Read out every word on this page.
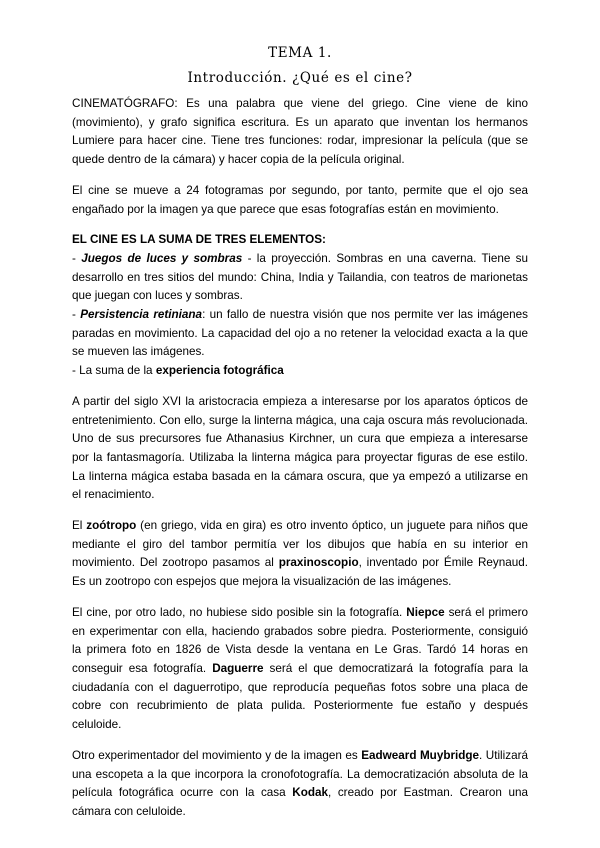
TEMA 1.
Introducción. ¿Qué es el cine?

CINEMATÓGRAFO: Es una palabra que viene del griego. Cine viene de kino (movimiento), y grafo significa escritura. Es un aparato que inventan los hermanos Lumiere para hacer cine. Tiene tres funciones: rodar, impresionar la película (que se quede dentro de la cámara) y hacer copia de la película original.

El cine se mueve a 24 fotogramas por segundo, por tanto, permite que el ojo sea engañado por la imagen ya que parece que esas fotografías están en movimiento.

EL CINE ES LA SUMA DE TRES ELEMENTOS:

- Juegos de luces y sombras - la proyección. Sombras en una caverna. Tiene su desarrollo en tres sitios del mundo: China, India y Tailandia, con teatros de marionetas que juegan con luces y sombras.

- Persistencia retiniana: un fallo de nuestra visión que nos permite ver las imágenes paradas en movimiento. La capacidad del ojo a no retener la velocidad exacta a la que se mueven las imágenes.

- La suma de la experiencia fotográfica

A partir del siglo XVI la aristocracia empieza a interesarse por los aparatos ópticos de entretenimiento. Con ello, surge la linterna mágica, una caja oscura más revolucionada. Uno de sus precursores fue Athanasius Kirchner, un cura que empieza a interesarse por la fantasmagoría. Utilizaba la linterna mágica para proyectar figuras de ese estilo. La linterna mágica estaba basada en la cámara oscura, que ya empezó a utilizarse en el renacimiento.

El zoótropo (en griego, vida en gira) es otro invento óptico, un juguete para niños que mediante el giro del tambor permitía ver los dibujos que había en su interior en movimiento. Del zootropo pasamos al praxinoscopio, inventado por Émile Reynaud. Es un zootropo con espejos que mejora la visualización de las imágenes.

El cine, por otro lado, no hubiese sido posible sin la fotografía. Niepce será el primero en experimentar con ella, haciendo grabados sobre piedra. Posteriormente, consiguió la primera foto en 1826 de Vista desde la ventana en Le Gras. Tardó 14 horas en conseguir esa fotografía. Daguerre será el que democratizará la fotografía para la ciudadanía con el daguerrotipo, que reproducía pequeñas fotos sobre una placa de cobre con recubrimiento de plata pulida. Posteriormente fue estaño y después celuloide.

Otro experimentador del movimiento y de la imagen es Eadweard Muybridge. Utilizará una escopeta a la que incorpora la cronofotografía. La democratización absoluta de la película fotográfica ocurre con la casa Kodak, creado por Eastman. Crearon una cámara con celuloide.
